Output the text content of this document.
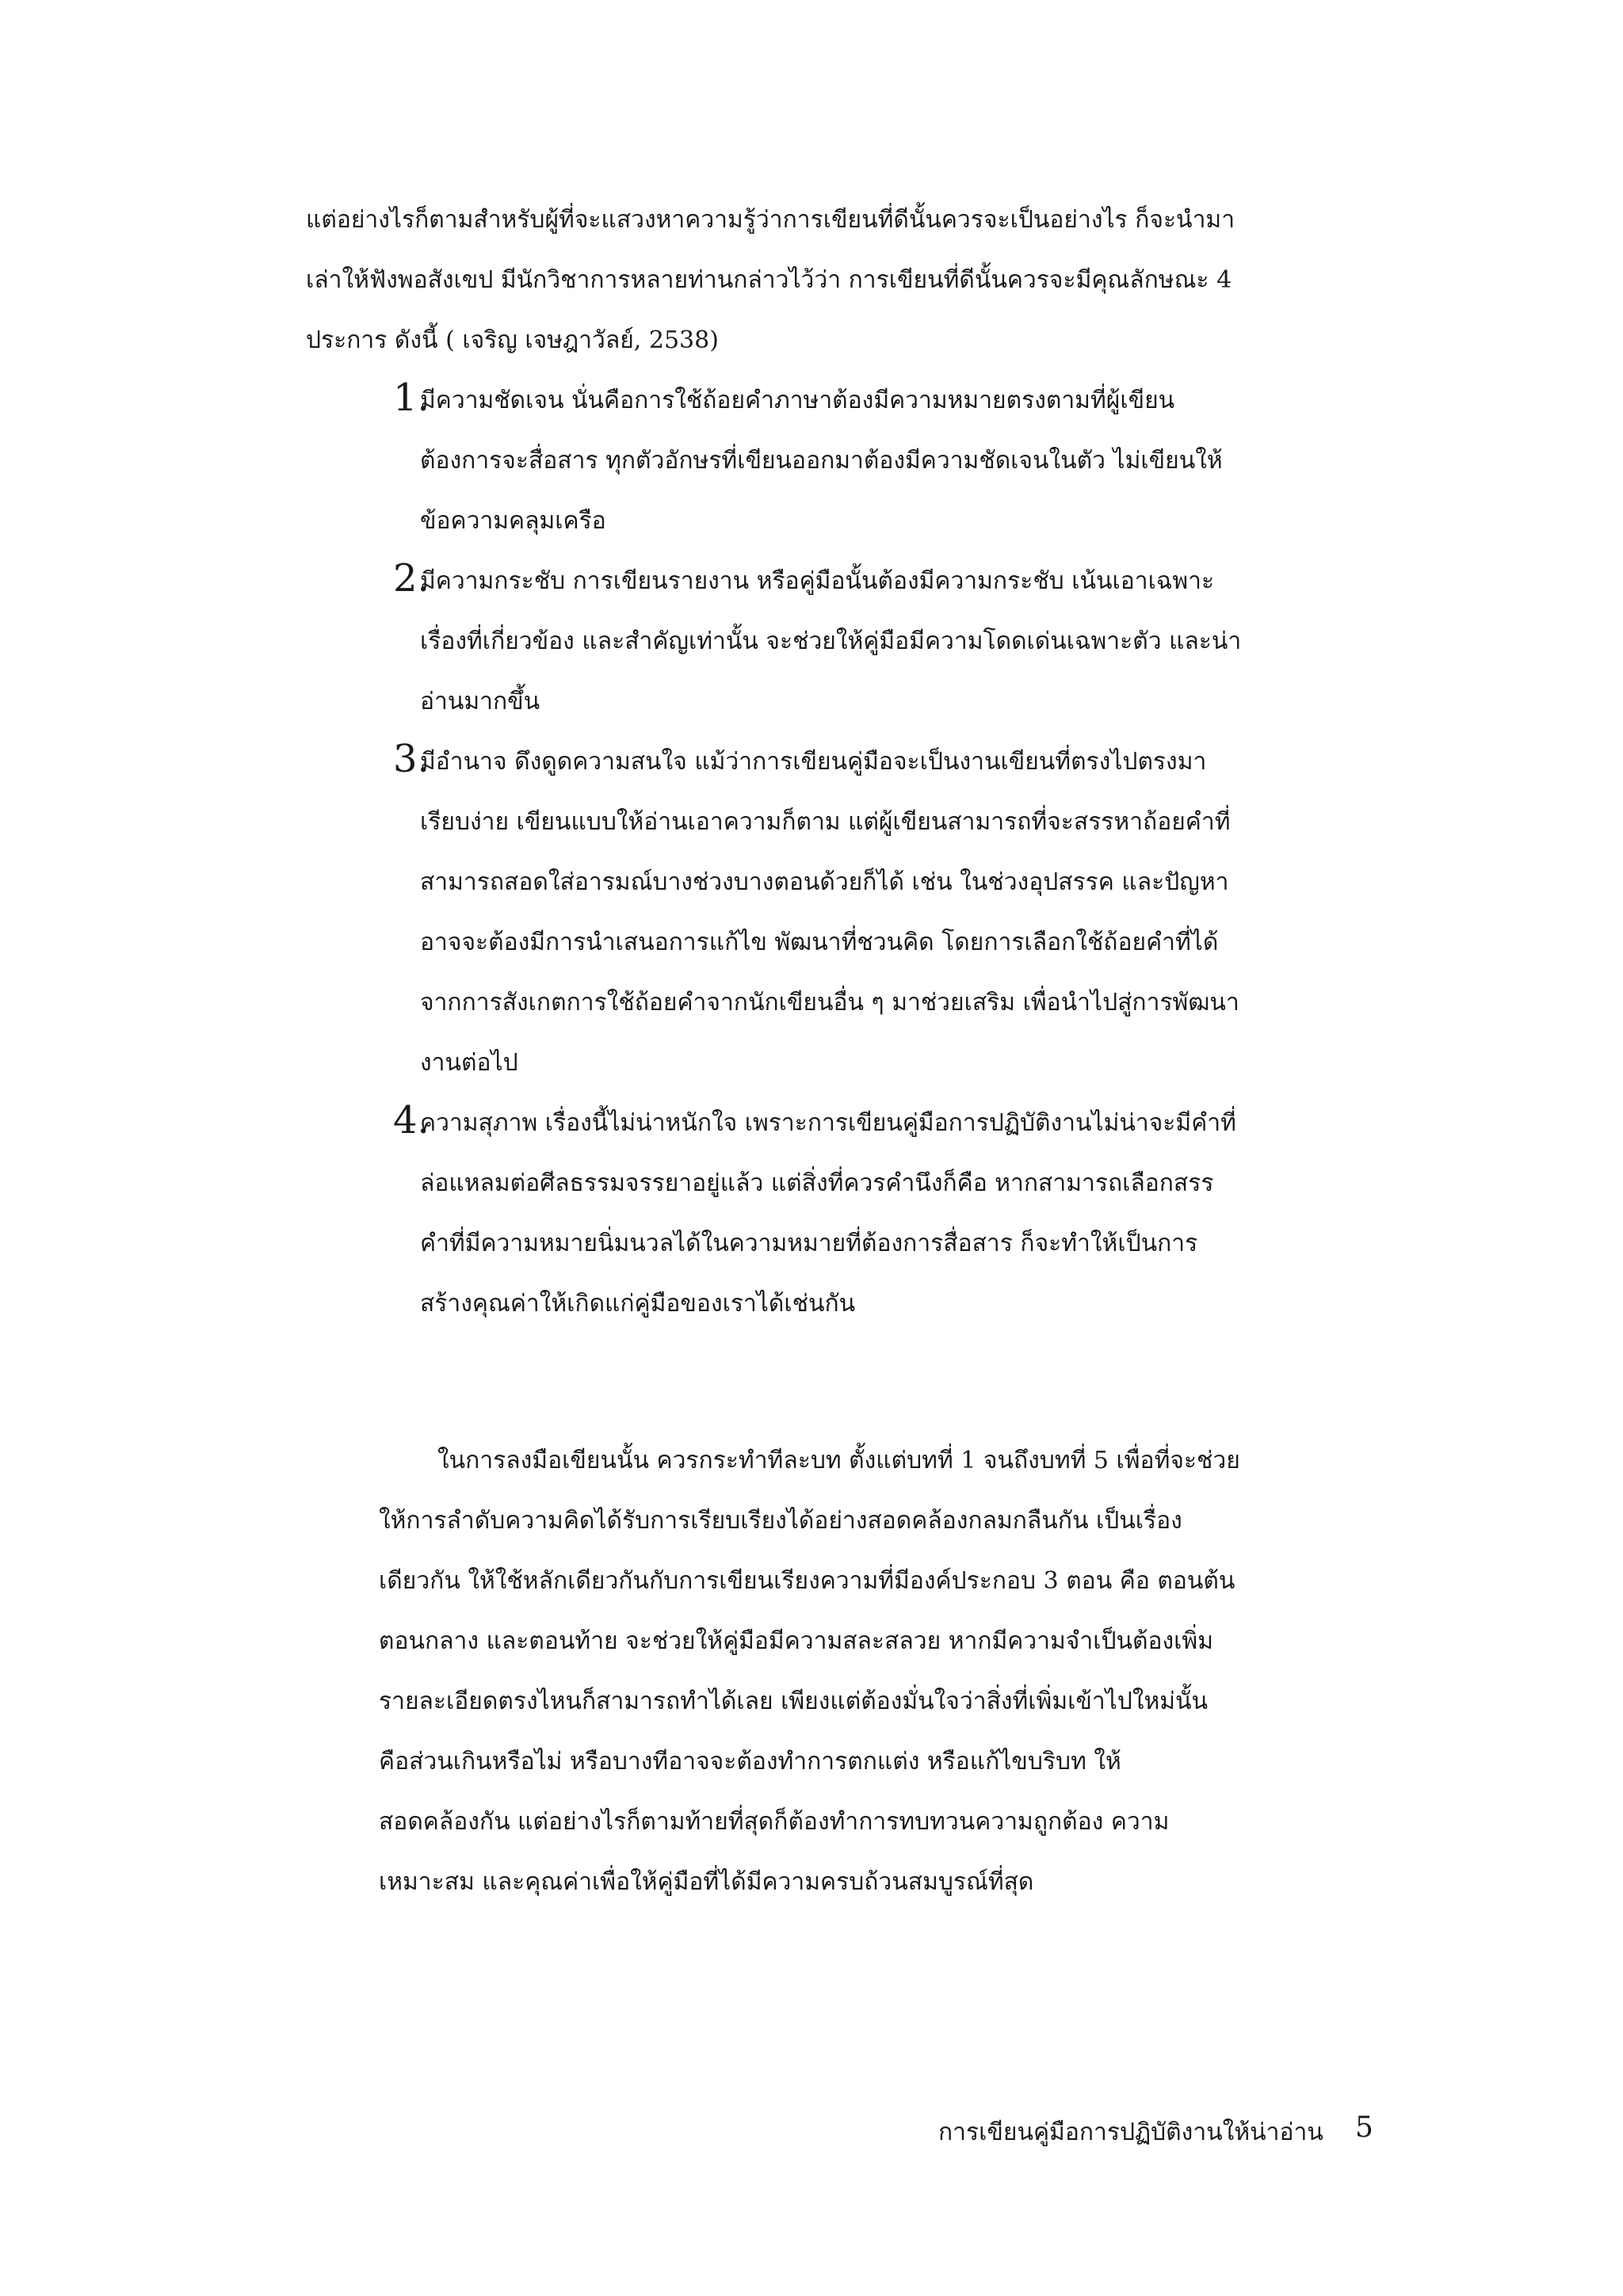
แต่อย่างไรก็ตามสำหรับผู้ที่จะแสวงหาความรู้ว่าการเขียนที่ดีนั้นควรจะเป็นอย่างไร ก็จะนำมา
เล่าให้ฟังพอสังเขป มีนักวิชาการหลายท่านกล่าวไว้ว่า การเขียนที่ดีนั้นควรจะมีคุณลักษณะ 4
ประการ ดังนี้ ( เจริญ เจษฎาวัลย์, 2538)
1.
มีความชัดเจน นั่นคือการใช้ถ้อยคำภาษาต้องมีความหมายตรงตามที่ผู้เขียน
ต้องการจะสื่อสาร ทุกตัวอักษรที่เขียนออกมาต้องมีความชัดเจนในตัว ไม่เขียนให้
ข้อความคลุมเครือ
2.
มีความกระชับ การเขียนรายงาน หรือคู่มือนั้นต้องมีความกระชับ เน้นเอาเฉพาะ
เรื่องที่เกี่ยวข้อง และสำคัญเท่านั้น จะช่วยให้คู่มือมีความโดดเด่นเฉพาะตัว และน่า
อ่านมากขึ้น
3.
มีอำนาจ ดึงดูดความสนใจ แม้ว่าการเขียนคู่มือจะเป็นงานเขียนที่ตรงไปตรงมา
เรียบง่าย เขียนแบบให้อ่านเอาความก็ตาม แต่ผู้เขียนสามารถที่จะสรรหาถ้อยคำที่
สามารถสอดใส่อารมณ์บางช่วงบางตอนด้วยก็ได้ เช่น ในช่วงอุปสรรค และปัญหา
อาจจะต้องมีการนำเสนอการแก้ไข พัฒนาที่ชวนคิด โดยการเลือกใช้ถ้อยคำที่ได้
จากการสังเกตการใช้ถ้อยคำจากนักเขียนอื่น ๆ มาช่วยเสริม เพื่อนำไปสู่การพัฒนา
งานต่อไป
4.
ความสุภาพ เรื่องนี้ไม่น่าหนักใจ เพราะการเขียนคู่มือการปฏิบัติงานไม่น่าจะมีคำที่
ล่อแหลมต่อศีลธรรมจรรยาอยู่แล้ว แต่สิ่งที่ควรคำนึงก็คือ หากสามารถเลือกสรร
คำที่มีความหมายนิ่มนวลได้ในความหมายที่ต้องการสื่อสาร ก็จะทำให้เป็นการ
สร้างคุณค่าให้เกิดแก่คู่มือของเราได้เช่นกัน
ในการลงมือเขียนนั้น ควรกระทำทีละบท ตั้งแต่บทที่ 1 จนถึงบทที่ 5 เพื่อที่จะช่วย
ให้การลำดับความคิดได้รับการเรียบเรียงได้อย่างสอดคล้องกลมกลืนกัน เป็นเรื่อง
เดียวกัน ให้ใช้หลักเดียวกันกับการเขียนเรียงความที่มีองค์ประกอบ 3 ตอน คือ ตอนต้น
ตอนกลาง และตอนท้าย จะช่วยให้คู่มือมีความสละสลวย หากมีความจำเป็นต้องเพิ่ม
รายละเอียดตรงไหนก็สามารถทำได้เลย เพียงแต่ต้องมั่นใจว่าสิ่งที่เพิ่มเข้าไปใหม่นั้น
คือส่วนเกินหรือไม่ หรือบางทีอาจจะต้องทำการตกแต่ง หรือแก้ไขบริบท ให้
สอดคล้องกัน แต่อย่างไรก็ตามท้ายที่สุดก็ต้องทำการทบทวนความถูกต้อง ความ
เหมาะสม และคุณค่าเพื่อให้คู่มือที่ได้มีความครบถ้วนสมบูรณ์ที่สุด
การเขียนคู่มือการปฏิบัติงานให้น่าอ่าน 5
